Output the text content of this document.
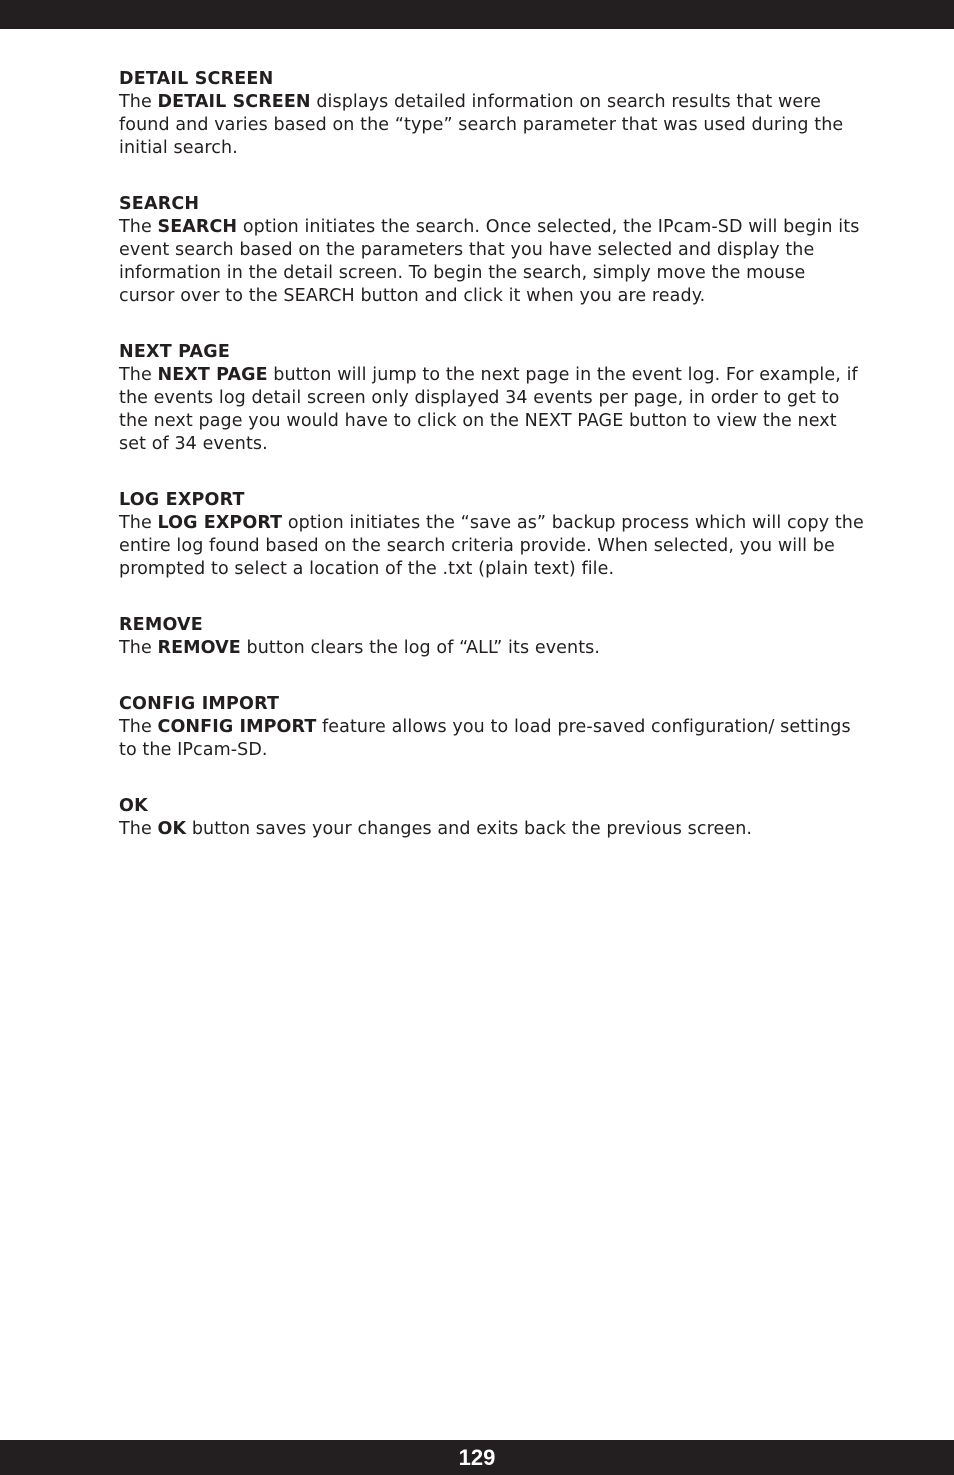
DETAIL SCREEN

The DETAIL SCREEN displays detailed information on search results that were found and varies based on the “type” search parameter that was used during the initial search.

SEARCH

The SEARCH option initiates the search. Once selected, the IPcam-SD will begin its event search based on the parameters that you have selected and display the information in the detail screen. To begin the search, simply move the mouse cursor over to the SEARCH button and click it when you are ready.

NEXT PAGE

The NEXT PAGE button will jump to the next page in the event log. For example, if the events log detail screen only displayed 34 events per page, in order to get to the next page you would have to click on the NEXT PAGE button to view the next set of 34 events.

LOG EXPORT

The LOG EXPORT option initiates the “save as” backup process which will copy the entire log found based on the search criteria provide. When selected, you will be prompted to select a location of the .txt (plain text) file.

REMOVE

The REMOVE button clears the log of “ALL” its events.

CONFIG IMPORT

The CONFIG IMPORT feature allows you to load pre-saved configuration/ settings to the IPcam-SD.

OK

The OK button saves your changes and exits back the previous screen.

129
